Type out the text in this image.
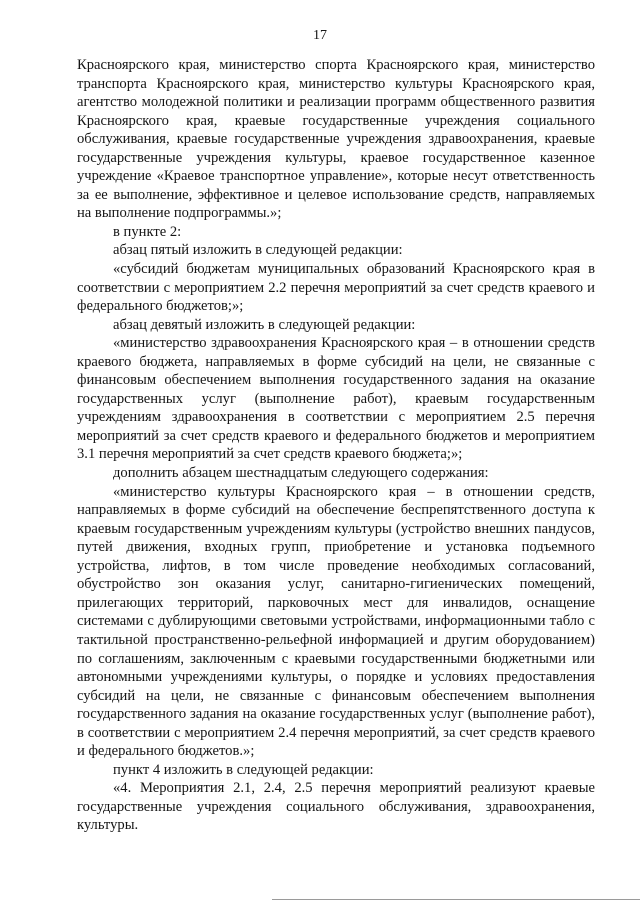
17

Красноярского края, министерство спорта Красноярского края, министерство транспорта Красноярского края, министерство культуры Красноярского края, агентство молодежной политики и реализации программ общественного развития Красноярского края, краевые государственные учреждения социального обслуживания, краевые государственные учреждения здравоохранения, краевые государственные учреждения культуры, краевое государственное казенное учреждение «Краевое транспортное управление», которые несут ответственность за ее выполнение, эффективное и целевое использование средств, направляемых на выполнение подпрограммы.»;

в пункте 2:

абзац пятый изложить в следующей редакции:

«субсидий бюджетам муниципальных образований Красноярского края в соответствии с мероприятием 2.2 перечня мероприятий за счет средств краевого и федерального бюджетов;»;

абзац девятый изложить в следующей редакции:

«министерство здравоохранения Красноярского края – в отношении средств краевого бюджета, направляемых в форме субсидий на цели, не связанные с финансовым обеспечением выполнения государственного задания на оказание государственных услуг (выполнение работ), краевым государственным учреждениям здравоохранения в соответствии с мероприятием 2.5 перечня мероприятий за счет средств краевого и федерального бюджетов и мероприятием 3.1 перечня мероприятий за счет средств краевого бюджета;»;

дополнить абзацем шестнадцатым следующего содержания:

«министерство культуры Красноярского края – в отношении средств, направляемых в форме субсидий на обеспечение беспрепятственного доступа к краевым государственным учреждениям культуры (устройство внешних пандусов, путей движения, входных групп, приобретение и установка подъемного устройства, лифтов, в том числе проведение необходимых согласований, обустройство зон оказания услуг, санитарно-гигиенических помещений, прилегающих территорий, парковочных мест для инвалидов, оснащение системами с дублирующими световыми устройствами, информационными табло с тактильной пространственно-рельефной информацией и другим оборудованием) по соглашениям, заключенным с краевыми государственными бюджетными или автономными учреждениями культуры, о порядке и условиях предоставления субсидий на цели, не связанные с финансовым обеспечением выполнения государственного задания на оказание государственных услуг (выполнение работ), в соответствии с мероприятием 2.4 перечня мероприятий, за счет средств краевого и федерального бюджетов.»;

пункт 4 изложить в следующей редакции:

«4. Мероприятия 2.1, 2.4, 2.5 перечня мероприятий реализуют краевые государственные учреждения социального обслуживания, здравоохранения, культуры.
